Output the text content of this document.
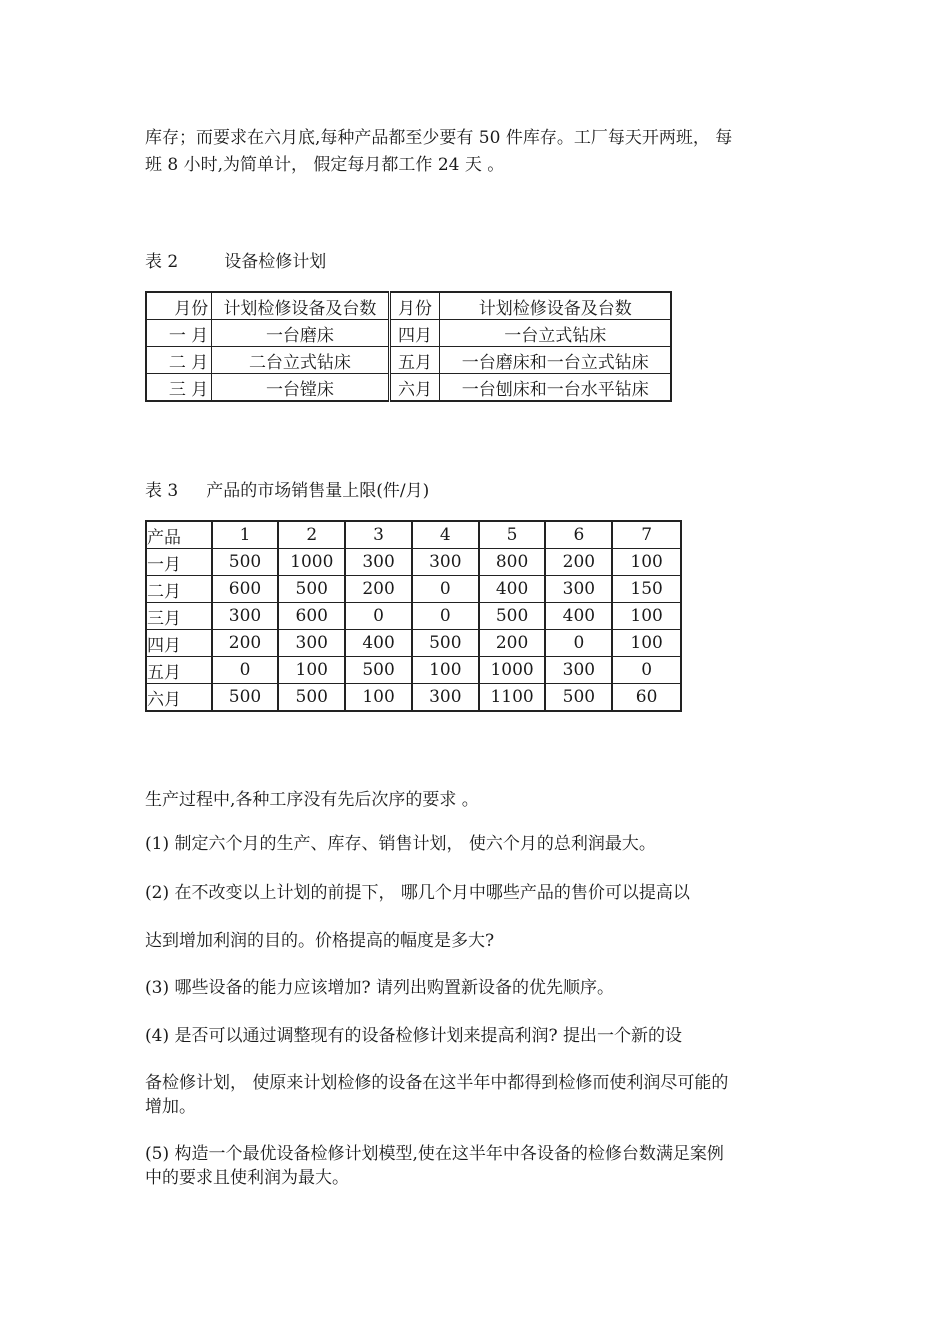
库存；而要求在六月底,每种产品都至少要有 50 件库存。工厂每天开两班， 每

班 8 小时,为简单计， 假定每月都工作 24 天 。

表 2	设备检修计划

月份	计划检修设备及台数	月份	计划检修设备及台数
一 月	一台磨床	四月	一台立式钻床
二 月	二台立式钻床	五月	一台磨床和一台立式钻床
三 月	一台镗床	六月	一台刨床和一台水平钻床

表 3 产品的市场销售量上限(件/月)

产品	1	2	3	4	5	6	7
一月	500	1000	300	300	800	200	100
二月	600	500	200	0	400	300	150
三月	300	600	0	0	500	400	100
四月	200	300	400	500	200	0	100
五月	0	100	500	100	1000	300	0
六月	500	500	100	300	1100	500	60

生产过程中,各种工序没有先后次序的要求 。

(1) 制定六个月的生产、库存、销售计划， 使六个月的总利润最大。

(2) 在不改变以上计划的前提下， 哪几个月中哪些产品的售价可以提高以

达到增加利润的目的。价格提高的幅度是多大?

(3) 哪些设备的能力应该增加? 请列出购置新设备的优先顺序。

(4) 是否可以通过调整现有的设备检修计划来提高利润? 提出一个新的设

备检修计划， 使原来计划检修的设备在这半年中都得到检修而使利润尽可能的

增加。

(5) 构造一个最优设备检修计划模型,使在这半年中各设备的检修台数满足案例

中的要求且使利润为最大。
